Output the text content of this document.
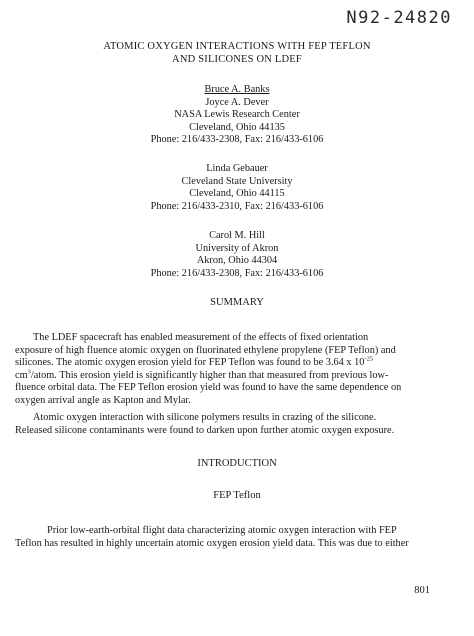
N92-24820
ATOMIC OXYGEN INTERACTIONS WITH FEP TEFLON
AND SILICONES ON LDEF
Bruce A. Banks
Joyce A. Dever
NASA Lewis Research Center
Cleveland, Ohio 44135
Phone: 216/433-2308, Fax: 216/433-6106
Linda Gebauer
Cleveland State University
Cleveland, Ohio 44115
Phone: 216/433-2310, Fax: 216/433-6106
Carol M. Hill
University of Akron
Akron, Ohio 44304
Phone: 216/433-2308, Fax: 216/433-6106
SUMMARY
The LDEF spacecraft has enabled measurement of the effects of fixed orientation
exposure of high fluence atomic oxygen on fluorinated ethylene propylene (FEP Teflon) and
silicones. The atomic oxygen erosion yield for FEP Teflon was found to be 3.64 x $10^{-25}$
$cm^3$/atom. This erosion yield is significantly higher than that measured from previous low-
fluence orbital data. The FEP Teflon erosion yield was found to have the same dependence on
oxygen arrival angle as Kapton and Mylar.
Atomic oxygen interaction with silicone polymers results in crazing of the silicone.
Released silicone contaminants were found to darken upon further atomic oxygen exposure.
INTRODUCTION
FEP Teflon
Prior low-earth-orbital flight data characterizing atomic oxygen interaction with FEP
Teflon has resulted in highly uncertain atomic oxygen erosion yield data. This was due to either
801
